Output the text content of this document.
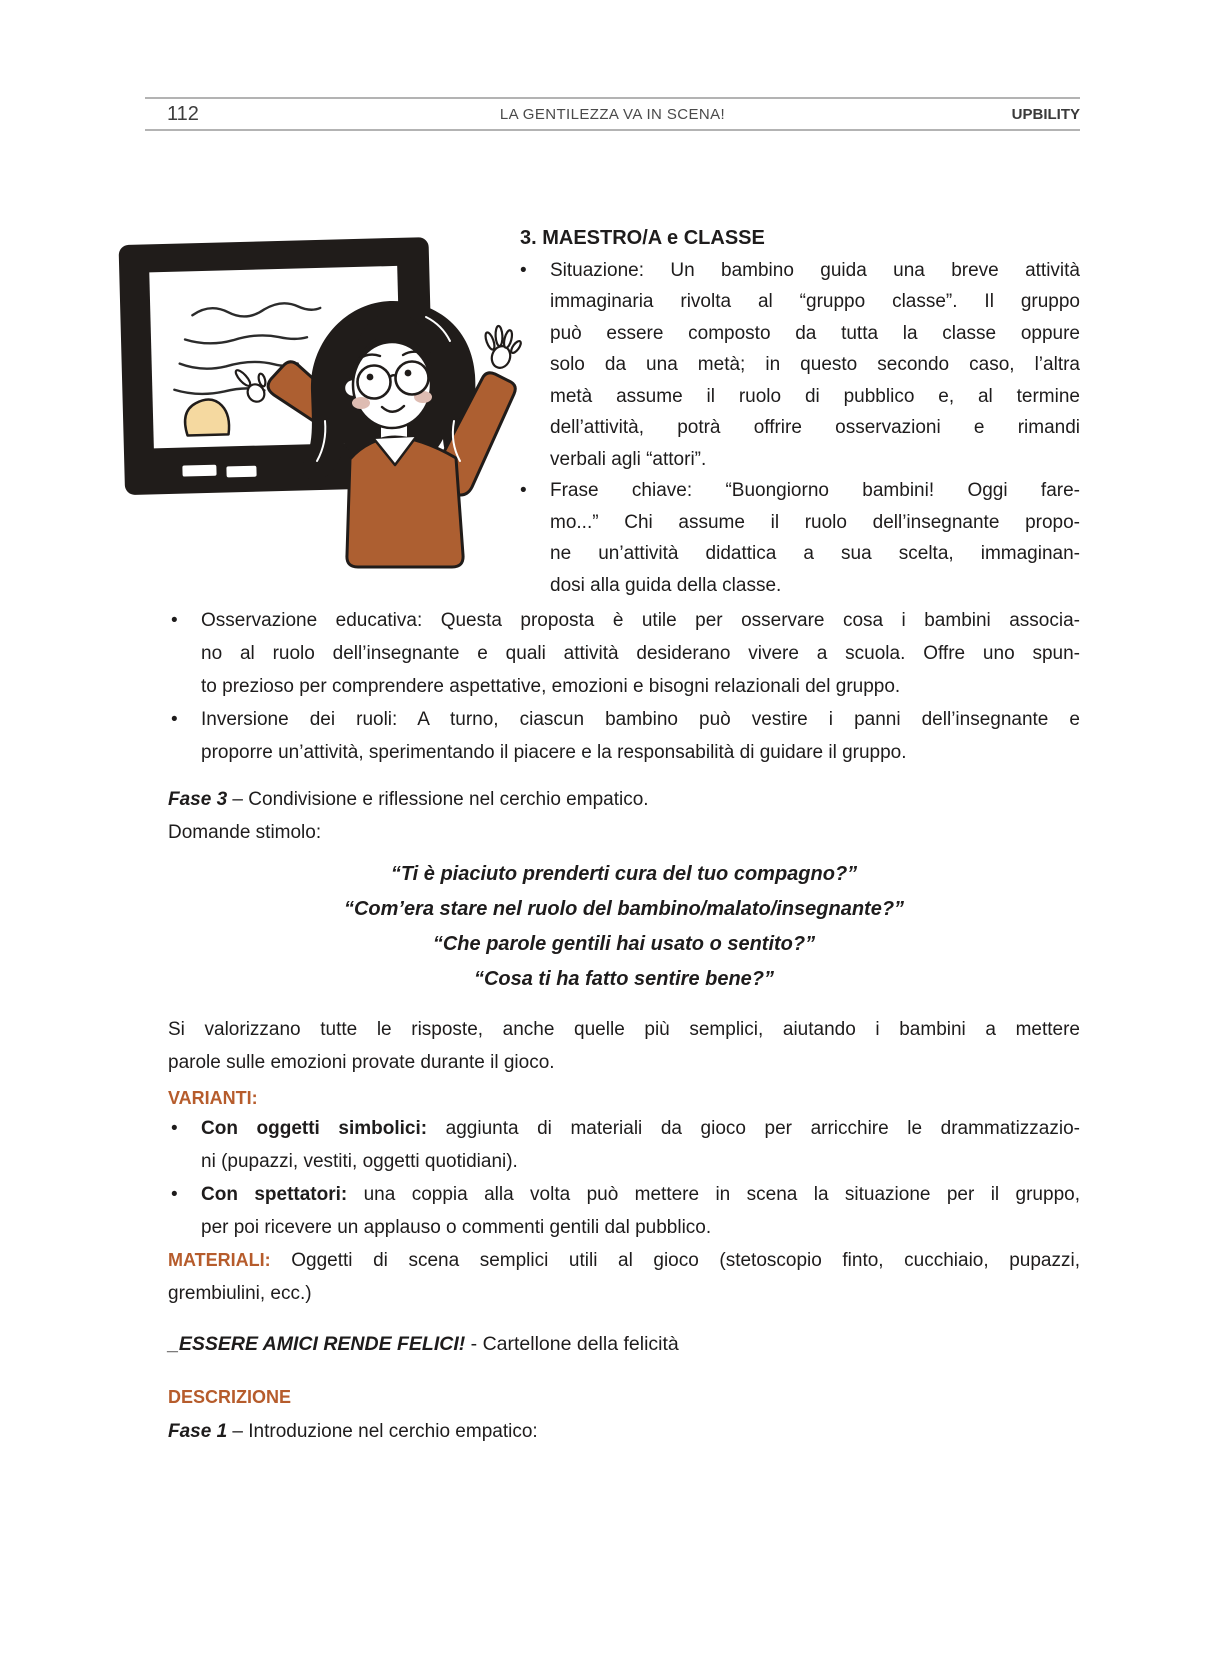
112	LA GENTILEZZA VA IN SCENA!	UPBILITY
3. MAESTRO/A e CLASSE
•	Situazione: Un bambino guida una breve attività
immaginaria rivolta al “gruppo classe”. Il gruppo
può essere composto da tutta la classe oppure
solo da una metà; in questo secondo caso, l’altra
metà assume il ruolo di pubblico e, al termine
dell’attività, potrà offrire osservazioni e rimandi
verbali agli “attori”.
•	Frase chiave: “Buongiorno bambini! Oggi fare-
mo...” Chi assume il ruolo dell’insegnante propo-
ne un’attività didattica a sua scelta, immaginan-
dosi alla guida della classe.
•	Osservazione educativa: Questa proposta è utile per osservare cosa i bambini associa-
no al ruolo dell’insegnante e quali attività desiderano vivere a scuola. Offre uno spun-
to prezioso per comprendere aspettative, emozioni e bisogni relazionali del gruppo.
•	Inversione dei ruoli: A turno, ciascun bambino può vestire i panni dell’insegnante e
proporre un’attività, sperimentando il piacere e la responsabilità di guidare il gruppo.
Fase 3 – Condivisione e riflessione nel cerchio empatico.
Domande stimolo:
“Ti è piaciuto prenderti cura del tuo compagno?”
“Com’era stare nel ruolo del bambino/malato/insegnante?”
“Che parole gentili hai usato o sentito?”
“Cosa ti ha fatto sentire bene?”
Si valorizzano tutte le risposte, anche quelle più semplici, aiutando i bambini a mettere
parole sulle emozioni provate durante il gioco.
VARIANTI:
•	Con oggetti simbolici: aggiunta di materiali da gioco per arricchire le drammatizzazio-
ni (pupazzi, vestiti, oggetti quotidiani).
•	Con spettatori: una coppia alla volta può mettere in scena la situazione per il gruppo,
per poi ricevere un applauso o commenti gentili dal pubblico.
MATERIALI: Oggetti di scena semplici utili al gioco (stetoscopio finto, cucchiaio, pupazzi,
grembiulini, ecc.)
_ESSERE AMICI RENDE FELICI! - Cartellone della felicità
DESCRIZIONE
Fase 1 – Introduzione nel cerchio empatico:
